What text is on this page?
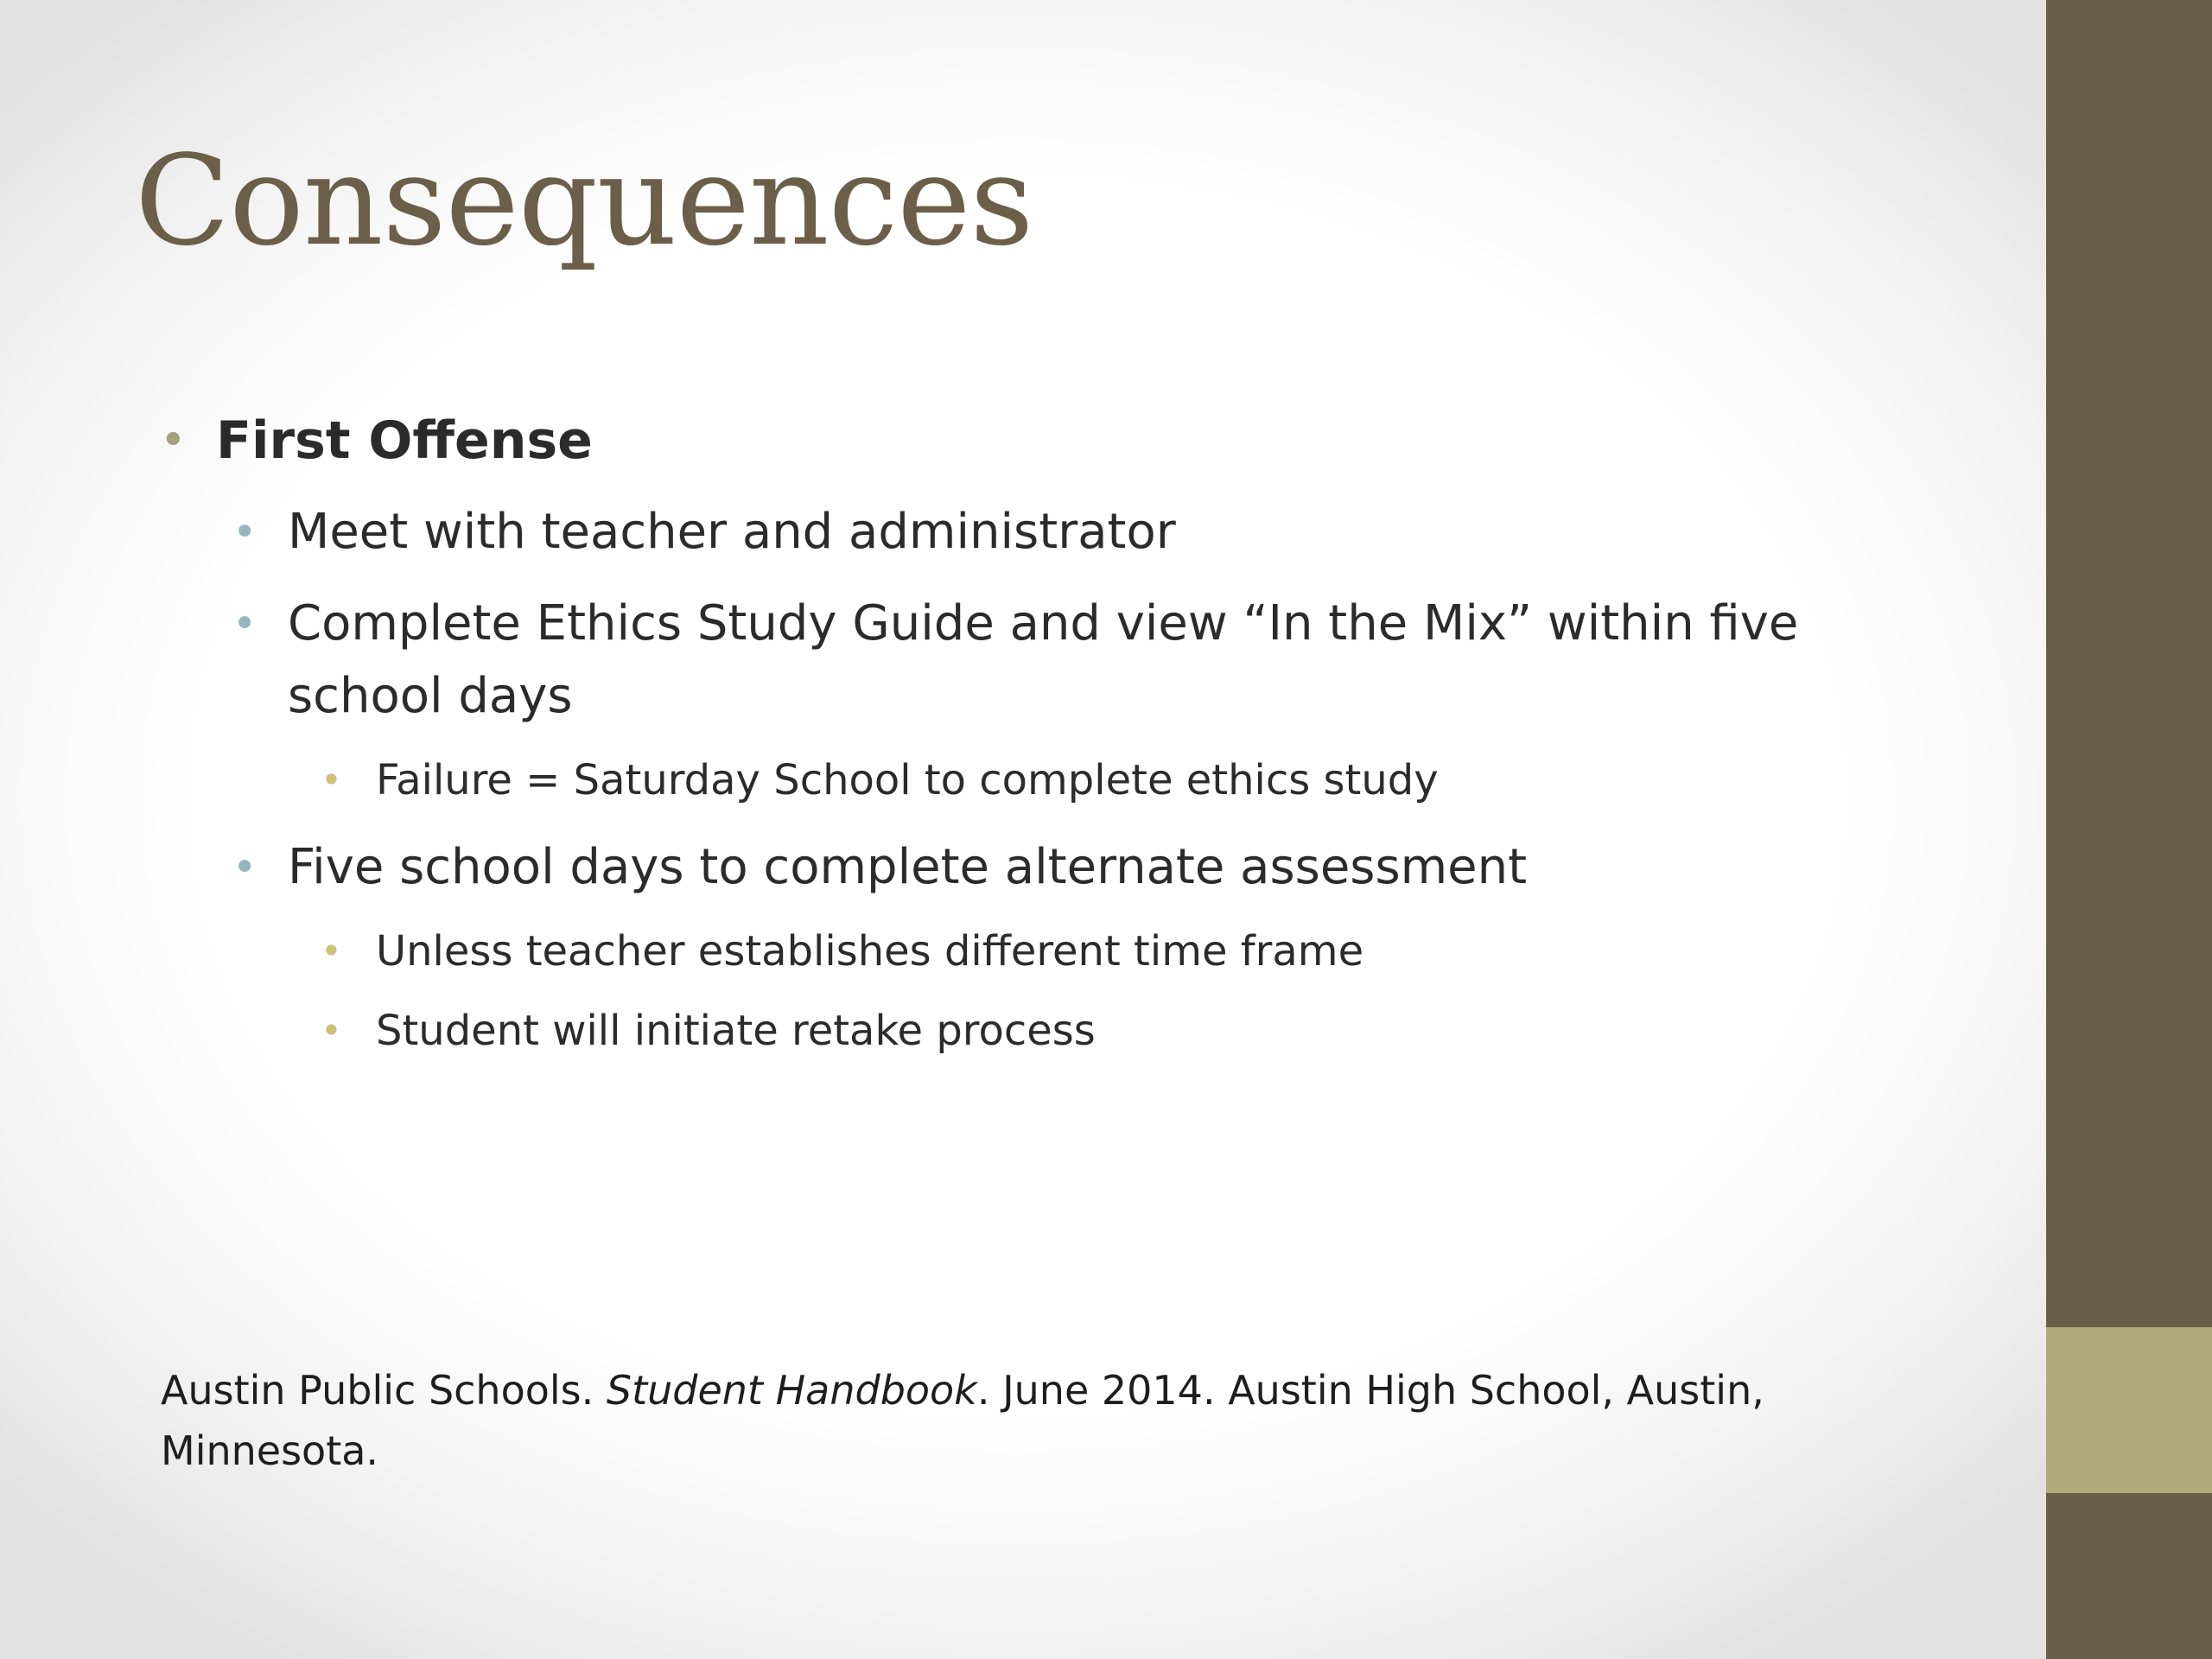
Consequences
• First Offense
• Meet with teacher and administrator
• Complete Ethics Study Guide and view “In the Mix” within five school days
• Failure = Saturday School to complete ethics study
• Five school days to complete alternate assessment
• Unless teacher establishes different time frame
• Student will initiate retake process
Austin Public Schools. Student Handbook. June 2014. Austin High School, Austin, Minnesota.
